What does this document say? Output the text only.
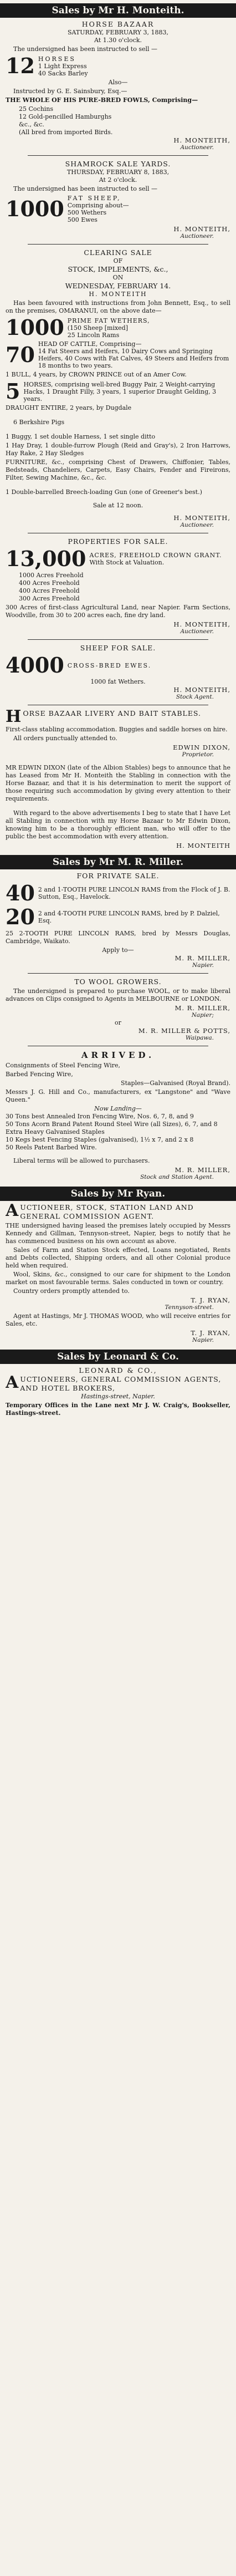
Sales by Mr H. Monteith.
HORSE BAZAAR
SATURDAY, FEBRUARY 3, 1883,
At 1.30 o'clock.
The undersigned has been instructed to sell —
12 HORSES
1 Light Express
40 Sacks Barley
Also—
Instructed by G. E. Sainsbury, Esq.—
THE WHOLE OF HIS PURE-BRED FOWLS, Comprising—
25 Cochins
12 Gold-pencilled Hamburghs
&c., &c.
(All bred from imported Birds.
H. MONTEITH,
Auctioneer.
SHAMROCK SALE YARDS.
THURSDAY, FEBRUARY 8, 1883,
At 2 o'clock.
The undersigned has been instructed to sell —
1000 FAT SHEEP,
Comprising about—
500 Wethers
500 Ewes
H. MONTEITH,
Auctioneer.
CLEARING SALE
OF
STOCK, IMPLEMENTS, &c.,
ON
WEDNESDAY, FEBRUARY 14.
H. MONTEITH
Has been favoured with instructions from John Bennett, Esq., to sell on the premises, OMARANUI, on the above date—
1000 PRIME FAT WETHERS,
(150 Sheep [mixed]
25 Lincoln Rams
70 HEAD OF CATTLE, Comprising—
14 Fat Steers and Heifers, 10 Dairy Cows and Springing Heifers, 40 Cows with Fat Calves, 49 Steers and Heifers from 18 months to two years.
1 BULL, 4 years, by CROWN PRINCE out of an Amer Cow.
5 HORSES, comprising well-bred Buggy Pair, 2 Weight-carrying Hacks, 1 Draught Filly, 3 years, 1 superior Draught Gelding, 3 years.
DRAUGHT ENTIRE, 2 years, by Dugdale
6 Berkshire Pigs
1 Buggy, 1 set double Harness, 1 set single ditto
1 Hay Dray, 1 double-furrow Plough (Reid and Gray's), 2 Iron Harrows, Hay Rake, 2 Hay Sledges
FURNITURE, &c., comprising Chest of Drawers, Chiffonier, Tables, Bedsteads, Chandeliers, Carpets, Easy Chairs, Fender and Fireirons, Filter, Sewing Machine, &c., &c.
1 Double-barrelled Breech-loading Gun (one of Greener's best.)
Sale at 12 noon.
H. MONTEITH,
Auctioneer.
PROPERTIES FOR SALE.
13,000 ACRES, FREEHOLD CROWN GRANT.
With Stock at Valuation.
1000 Acres Freehold
400 Acres Freehold
400 Acres Freehold
300 Acres Freehold
300 Acres of first-class Agricultural Land, near Napier. Farm Sections, Woodville, from 30 to 200 acres each, fine dry land.
H. MONTEITH,
Auctioneer.
SHEEP FOR SALE.
4000 CROSS-BRED EWES.
1000 fat Wethers.
H. MONTEITH,
Stock Agent.
H ORSE BAZAAR LIVERY AND BAIT STABLES.
First-class stabling accommodation. Buggies and saddle horses on hire.
All orders punctually attended to.
EDWIN DIXON,
Proprietor.
MR EDWIN DIXON (late of the Albion Stables) begs to announce that he has Leased from Mr H. Monteith the Stabling in connection with the Horse Bazaar, and that it is his determination to merit the support of those requiring such accommodation by giving every attention to their requirements.
With regard to the above advertisements I beg to state that I have Let all Stabling in connection with my Horse Bazaar to Mr Edwin Dixon, knowing him to be a thoroughly efficient man, who will offer to the public the best accommodation with every attention.
H. MONTEITH
Sales by Mr M. R. Miller.
FOR PRIVATE SALE.
40 2 and 1-TOOTH PURE LINCOLN RAMS from the Flock of J. B. Sutton, Esq., Havelock.
20 2 and 4-TOOTH PURE LINCOLN RAMS, bred by P. Dalziel, Esq.
25 2-TOOTH PURE LINCOLN RAMS, bred by Messrs Douglas, Cambridge, Waikato.
Apply to—
M. R. MILLER,
Napier.
TO WOOL GROWERS.
The undersigned is prepared to purchase WOOL, or to make liberal advances on Clips consigned to Agents in MELBOURNE or LONDON.
M. R. MILLER,
Napier;
or
M. R. MILLER & POTTS,
Waipawa.
ARRIVED.
Consignments of Steel Fencing Wire,
Barbed Fencing Wire,
Staples—Galvanised (Royal Brand).
Messrs J. G. Hill and Co., manufacturers, ex "Langstone" and "Wave Queen."
Now Landing—
30 Tons best Annealed Iron Fencing Wire, Nos. 6, 7, 8, and 9
50 Tons Acorn Brand Patent Round Steel Wire (all Sizes), 6, 7, and 8
Extra Heavy Galvanised Staples
10 Kegs best Fencing Staples (galvanised), 1½ x 7, and 2 x 8
50 Reels Patent Barbed Wire.
Liberal terms will be allowed to purchasers.
M. R. MILLER,
Stock and Station Agent.
Sales by Mr Ryan.
A UCTIONEER, STOCK, STATION LAND AND GENERAL COMMISSION AGENT.
THE undersigned having leased the premises lately occupied by Messrs Kennedy and Gillman, Tennyson-street, Napier, begs to notify that he has commenced business on his own account as above.
Sales of Farm and Station Stock effected, Loans negotiated, Rents and Debts collected, Shipping orders, and all other Colonial produce held when required.
Wool, Skins, &c., consigned to our care for shipment to the London market on most favourable terms. Sales conducted in town or country.
Country orders promptly attended to.
T. J. RYAN,
Tennyson-street.
Agent at Hastings, Mr J. THOMAS WOOD, who will receive entries for Sales, etc.
T. J. RYAN,
Napier.
Sales by Leonard & Co.
LEONARD & CO.,
A UCTIONEERS, GENERAL COMMISSION AGENTS, AND HOTEL BROKERS,
Hastings-street, Napier.
Temporary Offices in the Lane next Mr J. W. Craig's, Bookseller, Hastings-street.
